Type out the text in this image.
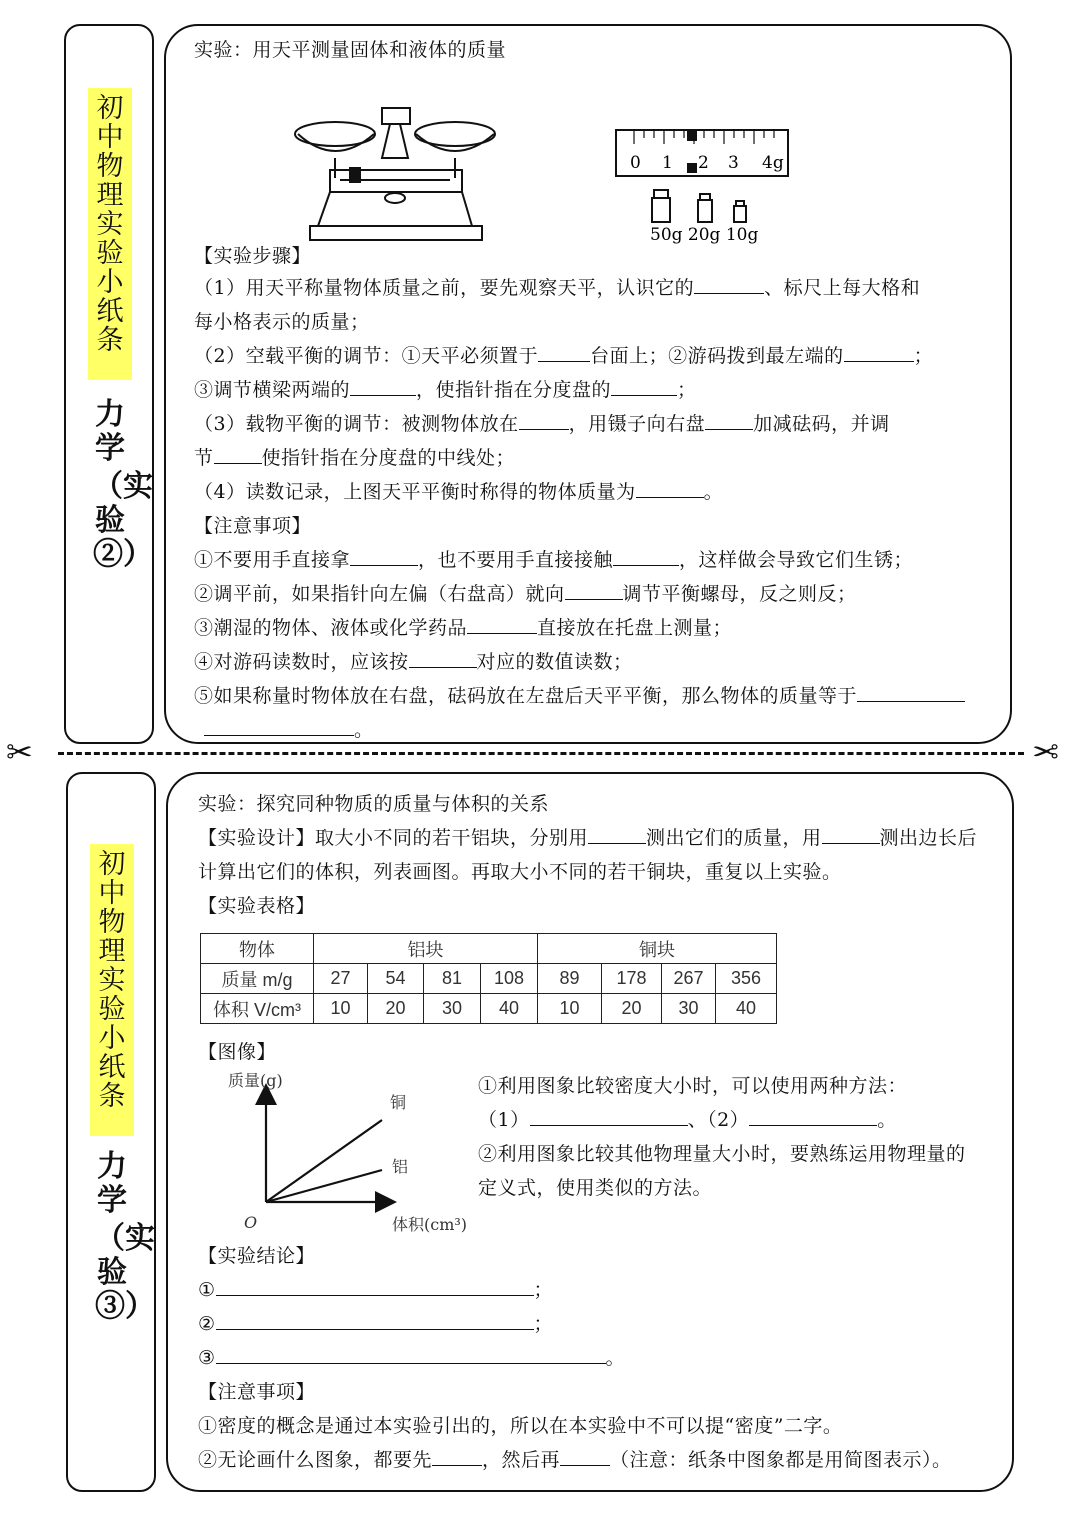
初中物理实验小纸条
力学
（实验②）
实验：用天平测量固体和液体的质量
0 1 2 3 4g
50g 20g 10g
【实验步骤】
（1）用天平称量物体质量之前，要先观察天平，认识它的	、标尺上每大格和
每小格表示的质量；
（2）空载平衡的调节：①天平必须置于	台面上；②游码拨到最左端的	；
③调节横梁两端的	，使指针指在分度盘的	；
（3）载物平衡的调节：被测物体放在	，用镊子向右盘	加减砝码，并调
节	使指针指在分度盘的中线处；
（4）读数记录，上图天平平衡时称得的物体质量为	。
【注意事项】
①不要用手直接拿	，也不要用手直接接触	，这样做会导致它们生锈；
②调平前，如果指针向左偏（右盘高）就向	调节平衡螺母，反之则反；
③潮湿的物体、液体或化学药品	直接放在托盘上测量；
④对游码读数时，应该按	对应的数值读数；
⑤如果称量时物体放在右盘，砝码放在左盘后天平平衡，那么物体的质量等于
。
✂	✂
初中物理实验小纸条
力学
（实验③）
实验：探究同种物质的质量与体积的关系
【实验设计】取大小不同的若干铝块，分别用	测出它们的质量，用	测出边长后
计算出它们的体积，列表画图。再取大小不同的若干铜块，重复以上实验。
【实验表格】
物体	铝块				铜块			
质量 m/g	27	54	81	108	89	178	267	356
体积 V/cm³	10	20	30	40	10	20	30	40
【图像】
质量(g)
体积(cm³)
O
铜
铝
①利用图象比较密度大小时，可以使用两种方法：
（1）	、（2）	。
②利用图象比较其他物理量大小时，要熟练运用物理量的
定义式，使用类似的方法。
【实验结论】
①	；
②	；
③	。
【注意事项】
①密度的概念是通过本实验引出的，所以在本实验中不可以提“密度”二字。
②无论画什么图象，都要先	，然后再	（注意：纸条中图象都是用简图表示）。
